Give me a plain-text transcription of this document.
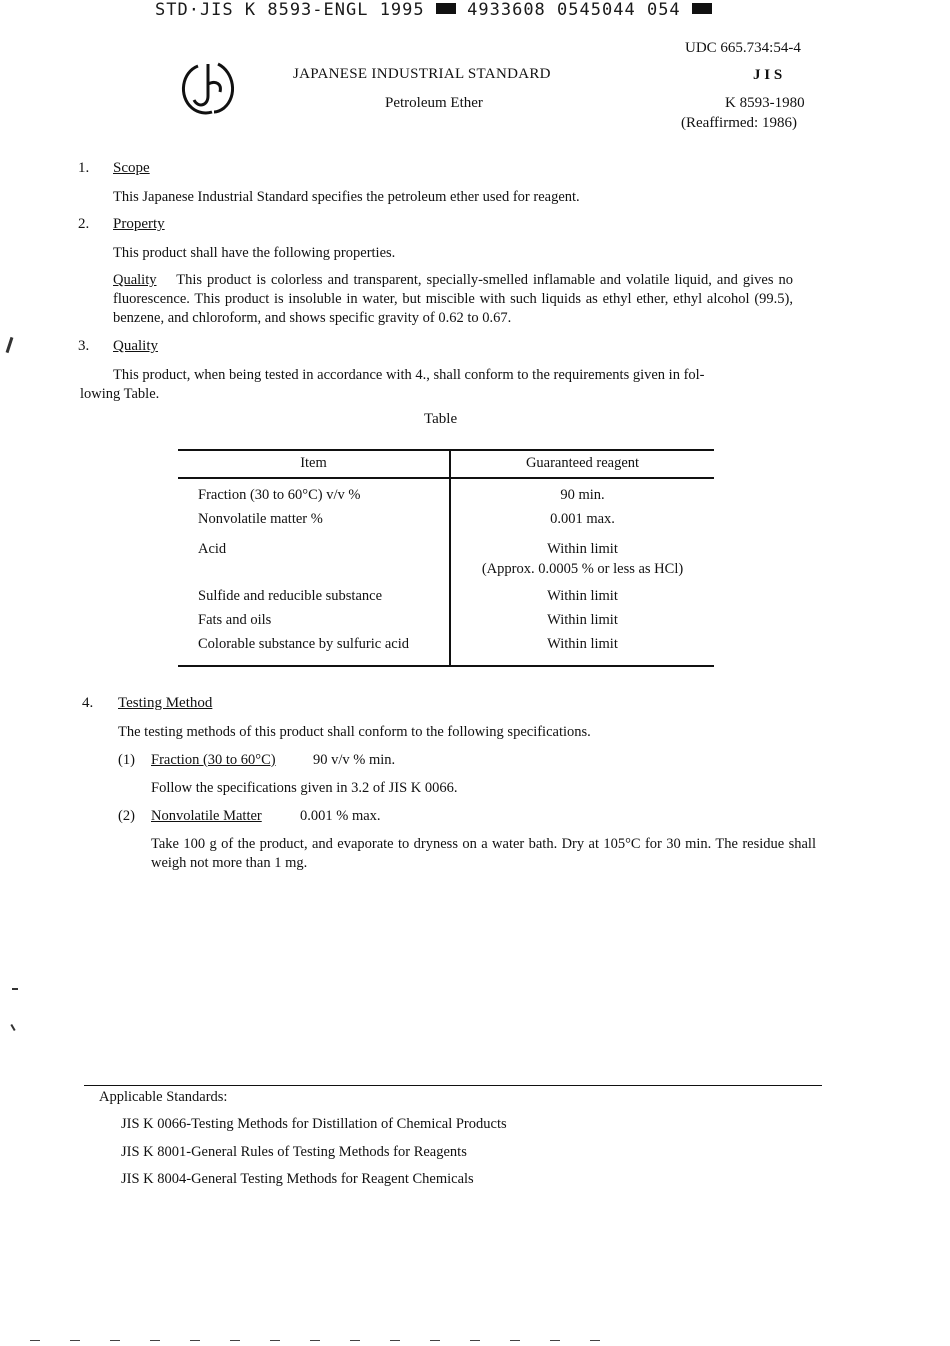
STD·JIS K 8593-ENGL 1995	4933608 0545044 054
JAPANESE INDUSTRIAL STANDARD
Petroleum Ether
UDC 665.734:54-4
J I S
K 8593-1980
(Reaffirmed: 1986)
1. Scope
This Japanese Industrial Standard specifies the petroleum ether used for reagent.
2. Property
This product shall have the following properties.
Quality This product is colorless and transparent, specially-smelled inflamable and volatile liquid, and gives no fluorescence. This product is insoluble in water, but miscible with such liquids as ethyl ether, ethyl alcohol (99.5), benzene, and chloroform, and shows specific gravity of 0.62 to 0.67.
3. Quality
This product, when being tested in accordance with 4., shall conform to the requirements given in fol-
lowing Table.
Table
Item	Guaranteed reagent
Fraction (30 to 60°C) v/v %	90 min.
Nonvolatile matter %	0.001 max.
Acid	Within limit
(Approx. 0.0005 % or less as HCl)
Sulfide and reducible substance	Within limit
Fats and oils	Within limit
Colorable substance by sulfuric acid	Within limit
4. Testing Method
The testing methods of this product shall conform to the following specifications.
(1) Fraction (30 to 60°C)	90 v/v % min.
Follow the specifications given in 3.2 of JIS K 0066.
(2) Nonvolatile Matter	0.001 % max.
Take 100 g of the product, and evaporate to dryness on a water bath. Dry at 105°C for 30 min. The residue shall weigh not more than 1 mg.
Applicable Standards:
JIS K 0066-Testing Methods for Distillation of Chemical Products
JIS K 8001-General Rules of Testing Methods for Reagents
JIS K 8004-General Testing Methods for Reagent Chemicals
